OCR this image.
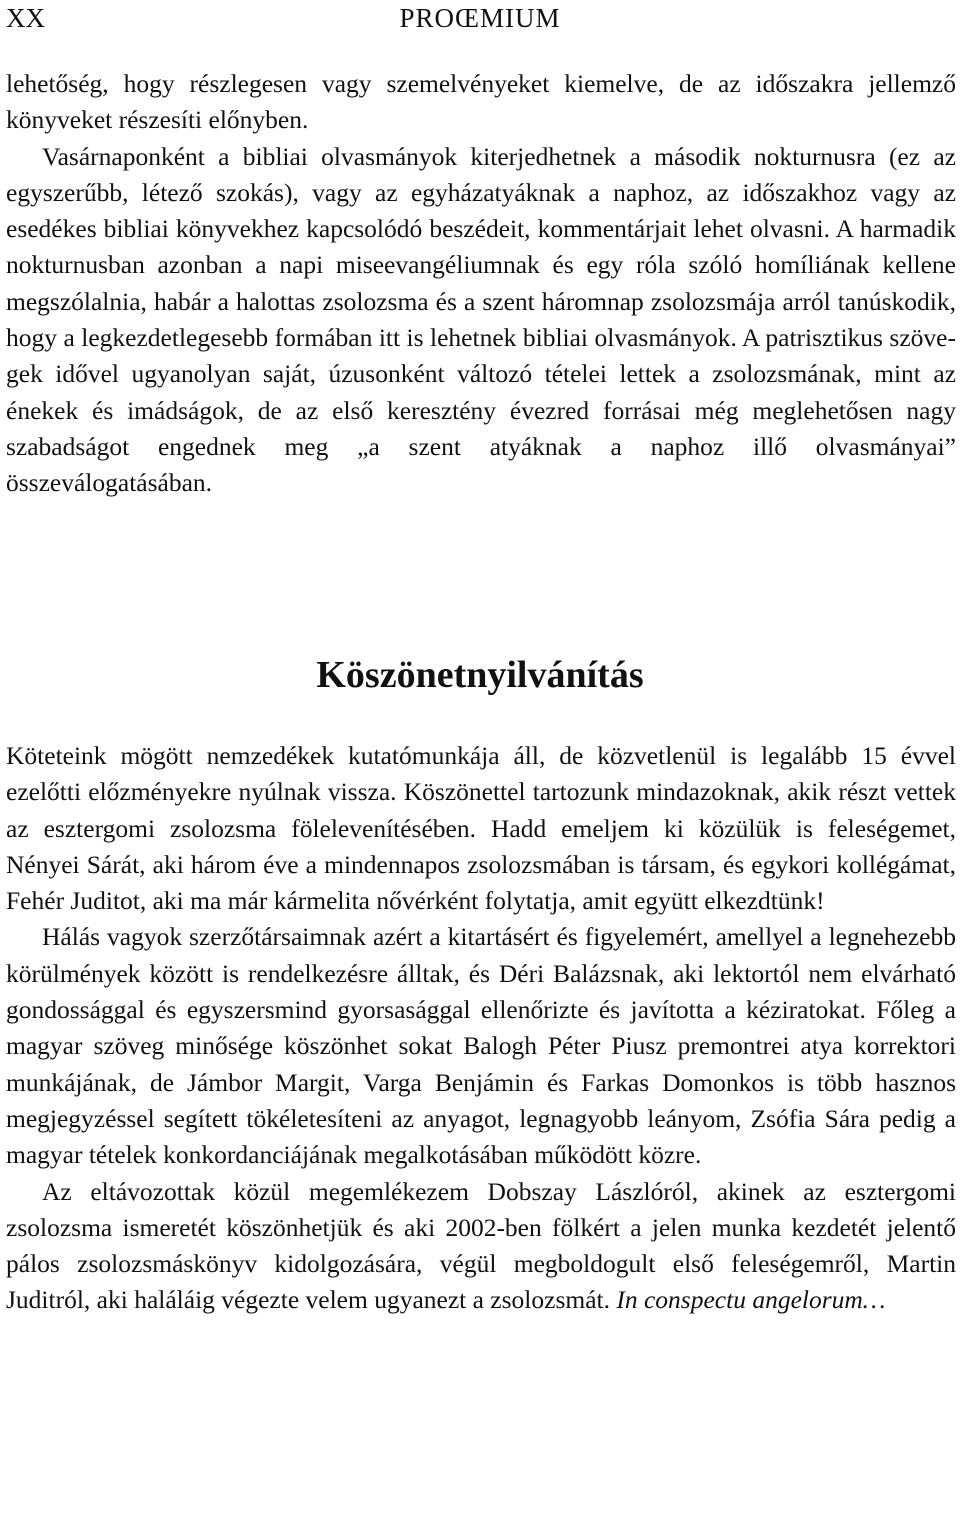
XX	PROŒMIUM

lehetőség, hogy részlegesen vagy szemelvényeket kiemelve, de az időszakra jellemző könyveket részesíti előnyben.

Vasárnaponként a bibliai olvasmányok kiterjedhetnek a második nokturnusra (ez az egyszerűbb, létező szokás), vagy az egyházatyáknak a naphoz, az időszakhoz vagy az esedékes bibliai könyvekhez kapcsolódó beszédeit, kommentárjait lehet olvasni. A harmadik nokturnusban azonban a napi miseevangéliumnak és egy róla szóló homíliának kellene megszólalnia, habár a halottas zsolozsma és a szent háromnap zsolozsmája arról tanúskodik, hogy a legkezdetlegesebb formában itt is lehetnek bibliai olvasmányok. A patrisztikus szövegek idővel ugyanolyan saját, úzusonként változó tételei lettek a zsolozsmának, mint az énekek és imádságok, de az első keresztény évezred forrásai még meglehetősen nagy szabadságot engednek meg „a szent atyáknak a naphoz illő olvasmányai” összeválogatásában.

Köszönetnyilvánítás

Köteteink mögött nemzedékek kutatómunkája áll, de közvetlenül is legalább 15 évvel ezelőtti előzményekre nyúlnak vissza. Köszönettel tartozunk mindazoknak, akik részt vettek az esztergomi zsolozsma fölelevenítésében. Hadd emeljem ki közülük is feleségemet, Nényei Sárát, aki három éve a mindennapos zsolozsmában is társam, és egykori kollégámat, Fehér Juditot, aki ma már kármelita nővérként folytatja, amit együtt elkezdtünk!

Hálás vagyok szerzőtársaimnak azért a kitartásért és figyelemért, amellyel a legnehezebb körülmények között is rendelkezésre álltak, és Déri Balázsnak, aki lektortól nem elvárható gondossággal és egyszersmind gyorsasággal ellenőrizte és javította a kéziratokat. Főleg a magyar szöveg minősége köszönhet sokat Balogh Péter Piusz premontrei atya korrektori munkájának, de Jámbor Margit, Varga Benjámin és Farkas Domonkos is több hasznos megjegyzéssel segített tökéletesíteni az anyagot, legnagyobb leányom, Zsófia Sára pedig a magyar tételek konkordanciájának megalkotásában működött közre.

Az eltávozottak közül megemlékezem Dobszay Lászlóról, akinek az esztergomi zsolozsma ismeretét köszönhetjük és aki 2002-ben fölkért a jelen munka kezdetét jelentő pálos zsolozsmáskönyv kidolgozására, végül megboldogult első feleségemről, Martin Juditról, aki haláláig végezte velem ugyanezt a zsolozsmát. In conspectu angelorum…
